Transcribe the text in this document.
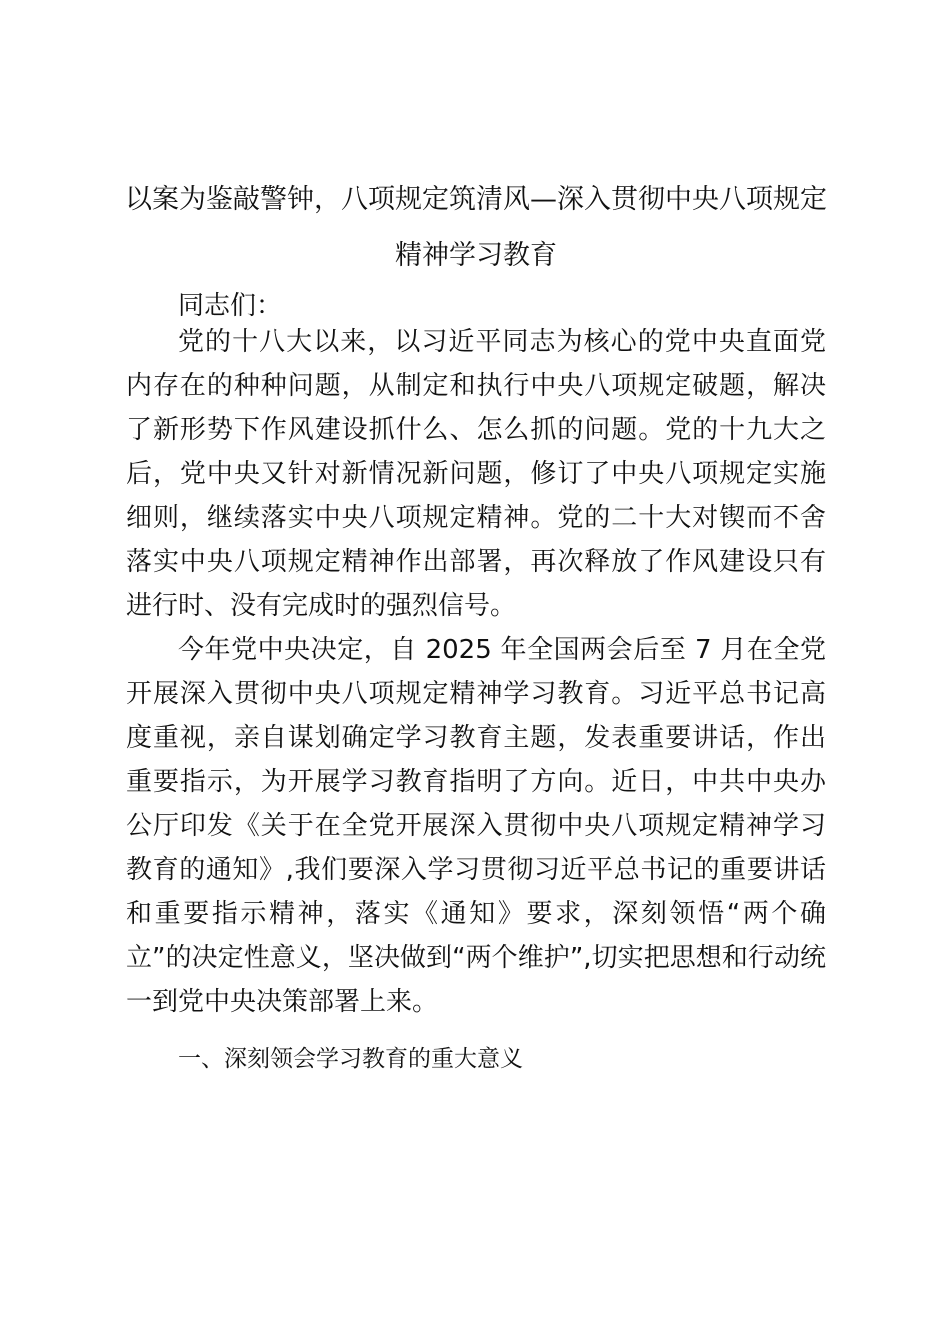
以案为鉴敲警钟，八项规定筑清风—深入贯彻中央八项规定精神学习教育
同志们：
党的十八大以来，以习近平同志为核心的党中央直面党内存在的种种问题，从制定和执行中央八项规定破题，解决了新形势下作风建设抓什么、怎么抓的问题。党的十九大之后，党中央又针对新情况新问题，修订了中央八项规定实施细则，继续落实中央八项规定精神。党的二十大对锲而不舍落实中央八项规定精神作出部署，再次释放了作风建设只有进行时、没有完成时的强烈信号。
今年党中央决定，自 2025 年全国两会后至 7 月在全党开展深入贯彻中央八项规定精神学习教育。习近平总书记高度重视，亲自谋划确定学习教育主题，发表重要讲话，作出重要指示，为开展学习教育指明了方向。近日，中共中央办公厅印发《关于在全党开展深入贯彻中央八项规定精神学习教育的通知》,我们要深入学习贯彻习近平总书记的重要讲话和重要指示精神，落实《通知》要求，深刻领悟“两个确立”的决定性意义，坚决做到“两个维护”,切实把思想和行动统一到党中央决策部署上来。
一、深刻领会学习教育的重大意义
